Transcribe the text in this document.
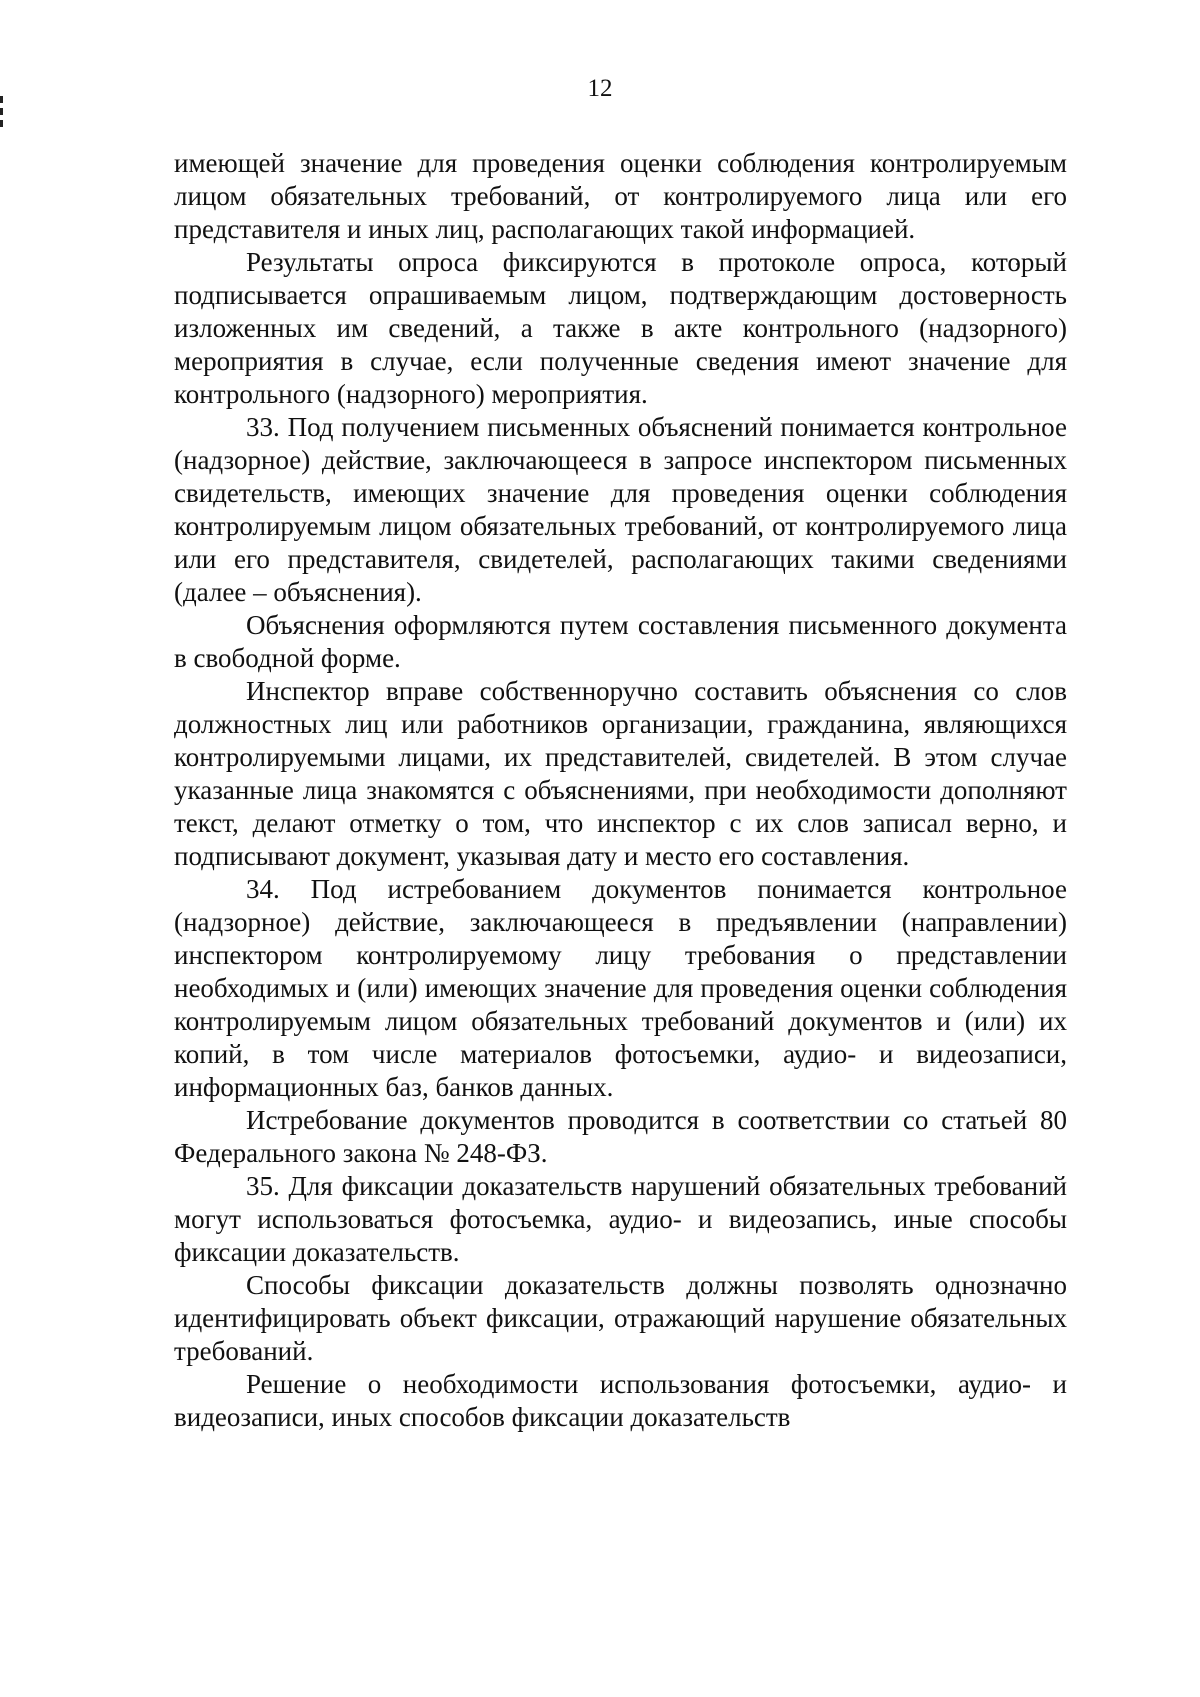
12

имеющей значение для проведения оценки соблюдения контролируемым лицом обязательных требований, от контролируемого лица или его представителя и иных лиц, располагающих такой информацией.

Результаты опроса фиксируются в протоколе опроса, который подписывается опрашиваемым лицом, подтверждающим достоверность изложенных им сведений, а также в акте контрольного (надзорного) мероприятия в случае, если полученные сведения имеют значение для контрольного (надзорного) мероприятия.

33. Под получением письменных объяснений понимается контрольное (надзорное) действие, заключающееся в запросе инспектором письменных свидетельств, имеющих значение для проведения оценки соблюдения контролируемым лицом обязательных требований, от контролируемого лица или его представителя, свидетелей, располагающих такими сведениями (далее – объяснения).

Объяснения оформляются путем составления письменного документа в свободной форме.

Инспектор вправе собственноручно составить объяснения со слов должностных лиц или работников организации, гражданина, являющихся контролируемыми лицами, их представителей, свидетелей. В этом случае указанные лица знакомятся с объяснениями, при необходимости дополняют текст, делают отметку о том, что инспектор с их слов записал верно, и подписывают документ, указывая дату и место его составления.

34. Под истребованием документов понимается контрольное (надзорное) действие, заключающееся в предъявлении (направлении) инспектором контролируемому лицу требования о представлении необходимых и (или) имеющих значение для проведения оценки соблюдения контролируемым лицом обязательных требований документов и (или) их копий, в том числе материалов фотосъемки, аудио- и видеозаписи, информационных баз, банков данных.

Истребование документов проводится в соответствии со статьей 80 Федерального закона № 248-ФЗ.

35. Для фиксации доказательств нарушений обязательных требований могут использоваться фотосъемка, аудио- и видеозапись, иные способы фиксации доказательств.

Способы фиксации доказательств должны позволять однозначно идентифицировать объект фиксации, отражающий нарушение обязательных требований.

Решение о необходимости использования фотосъемки, аудио- и видеозаписи, иных способов фиксации доказательств
